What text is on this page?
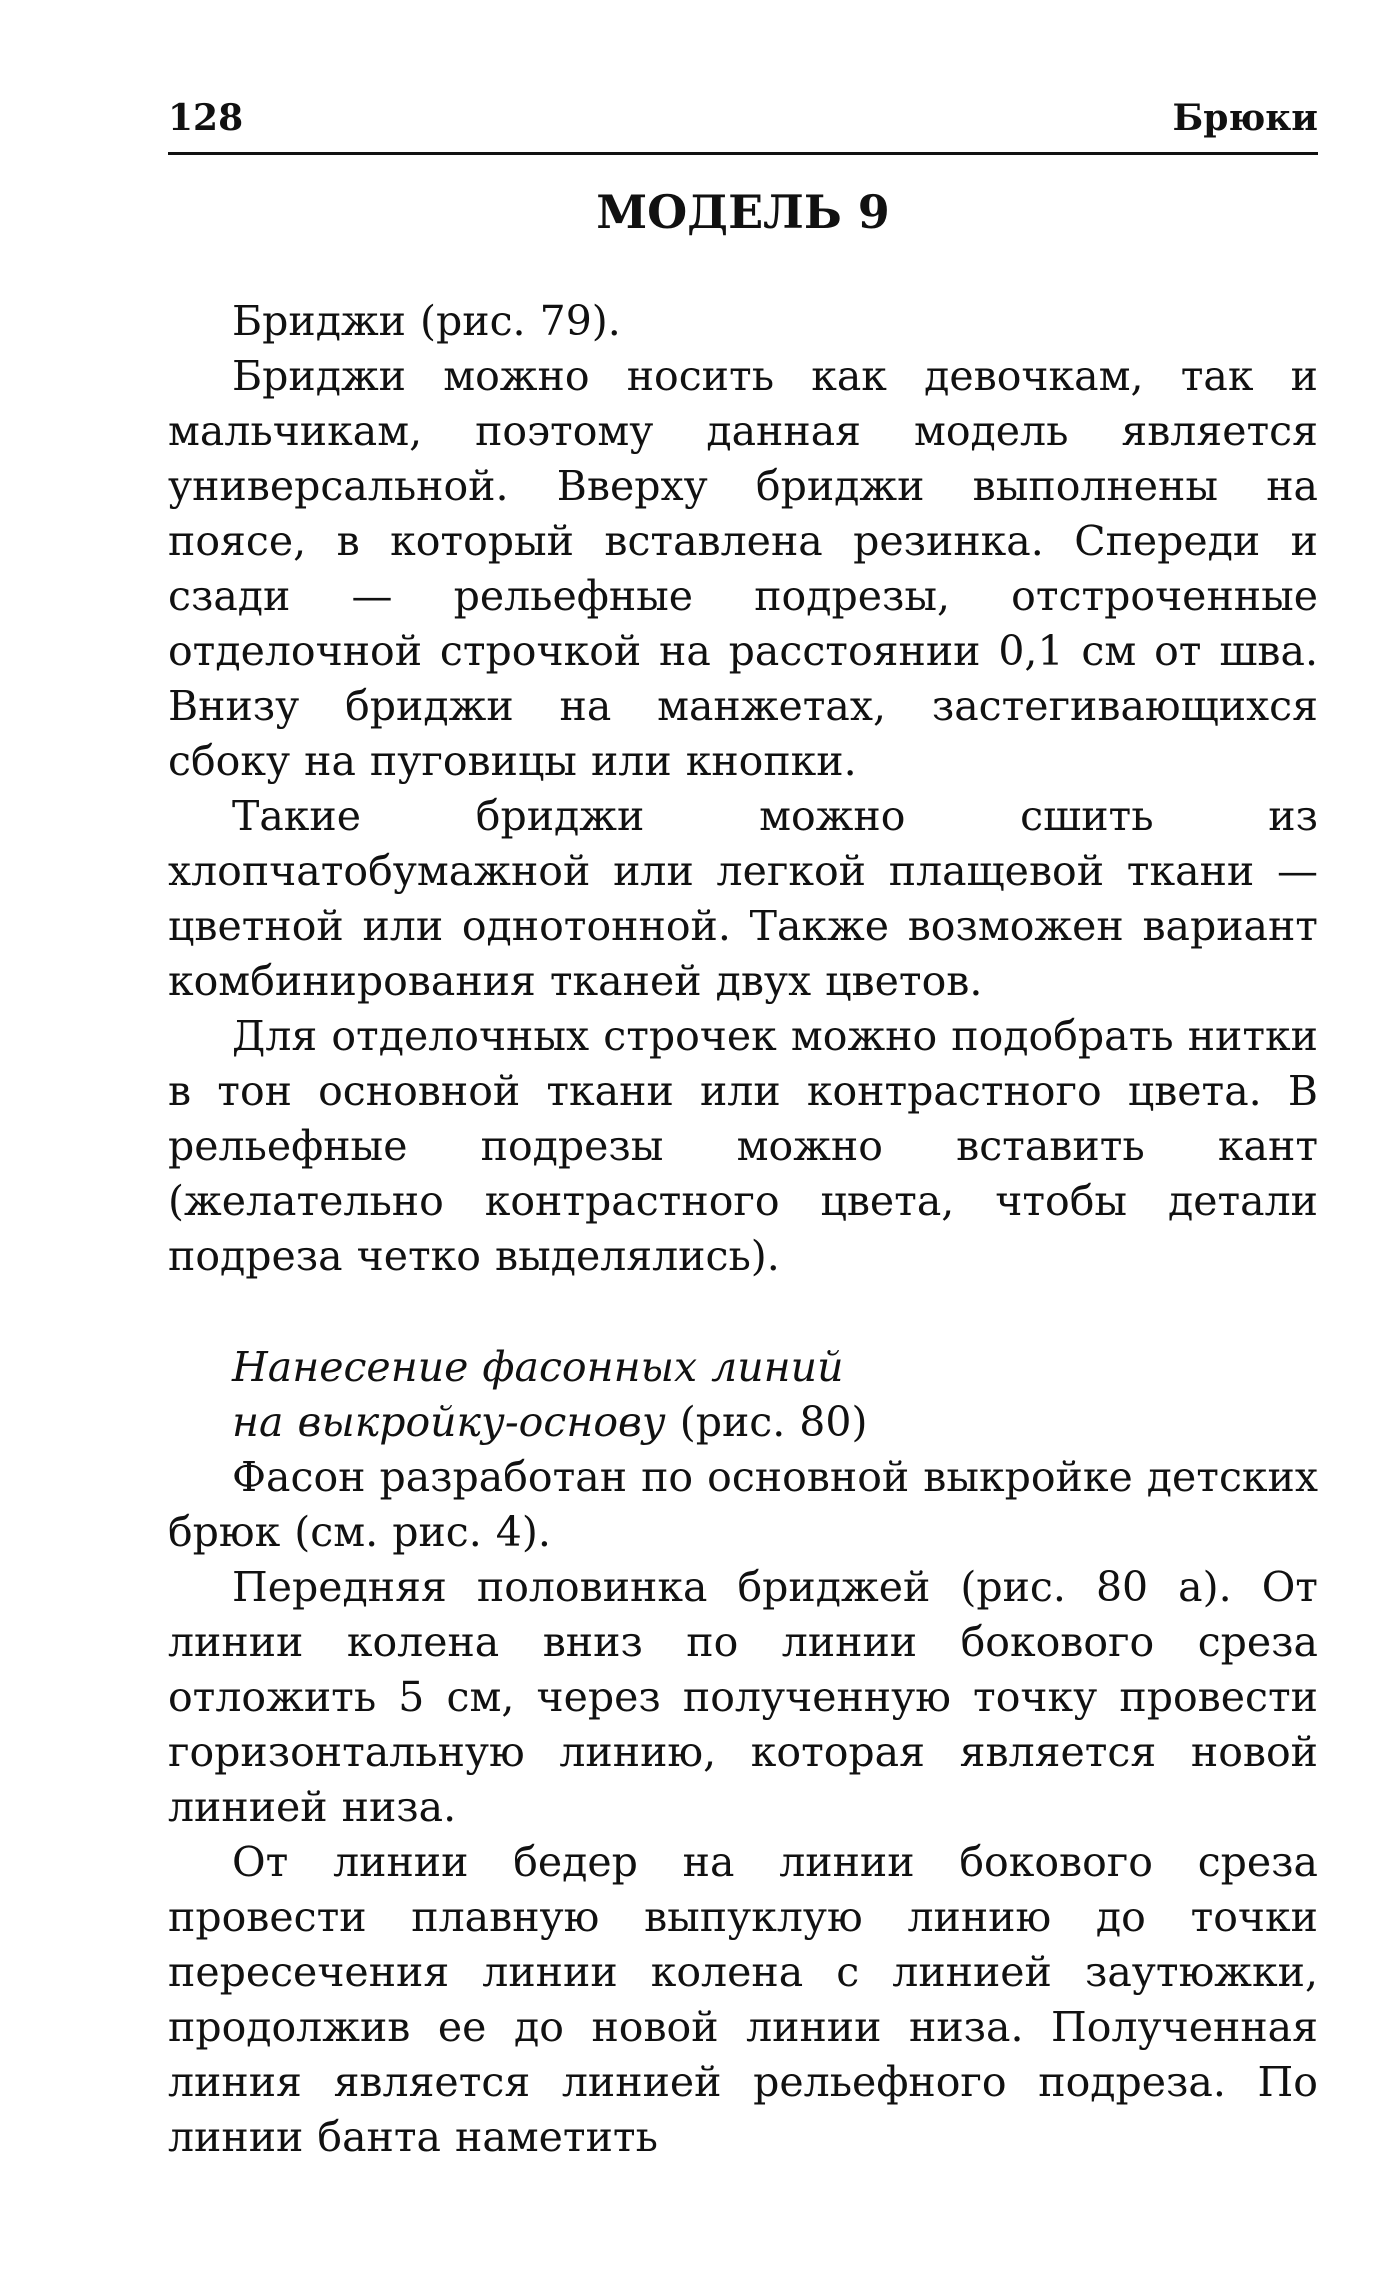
128	Брюки
МОДЕЛЬ 9

Бриджи (рис. 79).

Бриджи можно носить как девочкам, так и мальчикам, поэтому данная модель является универсальной. Вверху бриджи выполнены на поясе, в который вставлена резинка. Спереди и сзади — рельефные подрезы, отстроченные отделочной строчкой на расстоянии 0,1 см от шва. Внизу бриджи на манжетах, застегивающихся сбоку на пуговицы или кнопки.

Такие бриджи можно сшить из хлопчатобумажной или легкой плащевой ткани — цветной или однотонной. Также возможен вариант комбинирования тканей двух цветов.

Для отделочных строчек можно подобрать нитки в тон основной ткани или контрастного цвета. В рельефные подрезы можно вставить кант (желательно контрастного цвета, чтобы детали подреза четко выделялись).

Нанесение фасонных линий
на выкройку-основу (рис. 80)

Фасон разработан по основной выкройке детских брюк (см. рис. 4).

Передняя половинка бриджей (рис. 80 а). От линии колена вниз по линии бокового среза отложить 5 см, через полученную точку провести горизонтальную линию, которая является новой линией низа.

От линии бедер на линии бокового среза провести плавную выпуклую линию до точки пересечения линии колена с линией заутюжки, продолжив ее до новой линии низа. Полученная линия является линией рельефного подреза. По линии банта наметить
